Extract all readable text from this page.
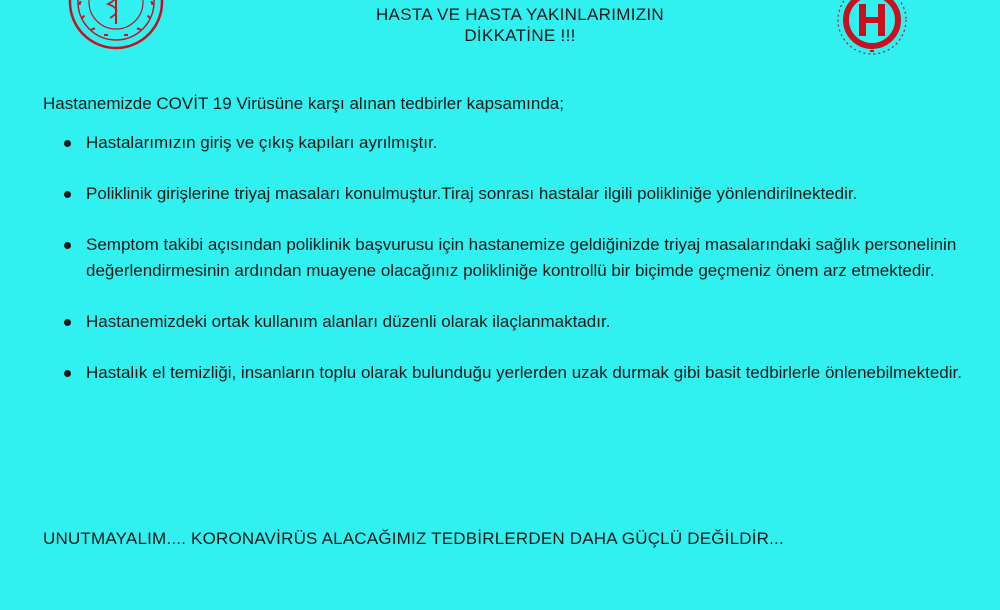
HASTA VE HASTA YAKINLARIMIZIN
DİKKATİNE !!!
Hastanemizde COVİT 19 Virüsüne karşı alınan tedbirler kapsamında;
Hastalarımızın giriş ve çıkış kapıları ayrılmıştır.
Poliklinik girişlerine triyaj masaları konulmuştur.Tiraj sonrası hastalar ilgili polikliniğe yönlendirilnektedir.
Semptom takibi açısından poliklinik başvurusu için hastanemize geldiğinizde triyaj masalarındaki sağlık personelinin değerlendirmesinin ardından muayene olacağınız polikliniğe kontrollü bir biçimde geçmeniz önem arz etmektedir.
Hastanemizdeki ortak kullanım alanları düzenli olarak ilaçlanmaktadır.
Hastalık el temizliği, insanların toplu olarak bulunduğu yerlerden uzak durmak gibi basit tedbirlerle önlenebilmektedir.
UNUTMAYALIM.... KORONAVİRÜS ALACAĞIMIZ TEDBİRLERDEN DAHA GÜÇLÜ DEĞİLDİR...
